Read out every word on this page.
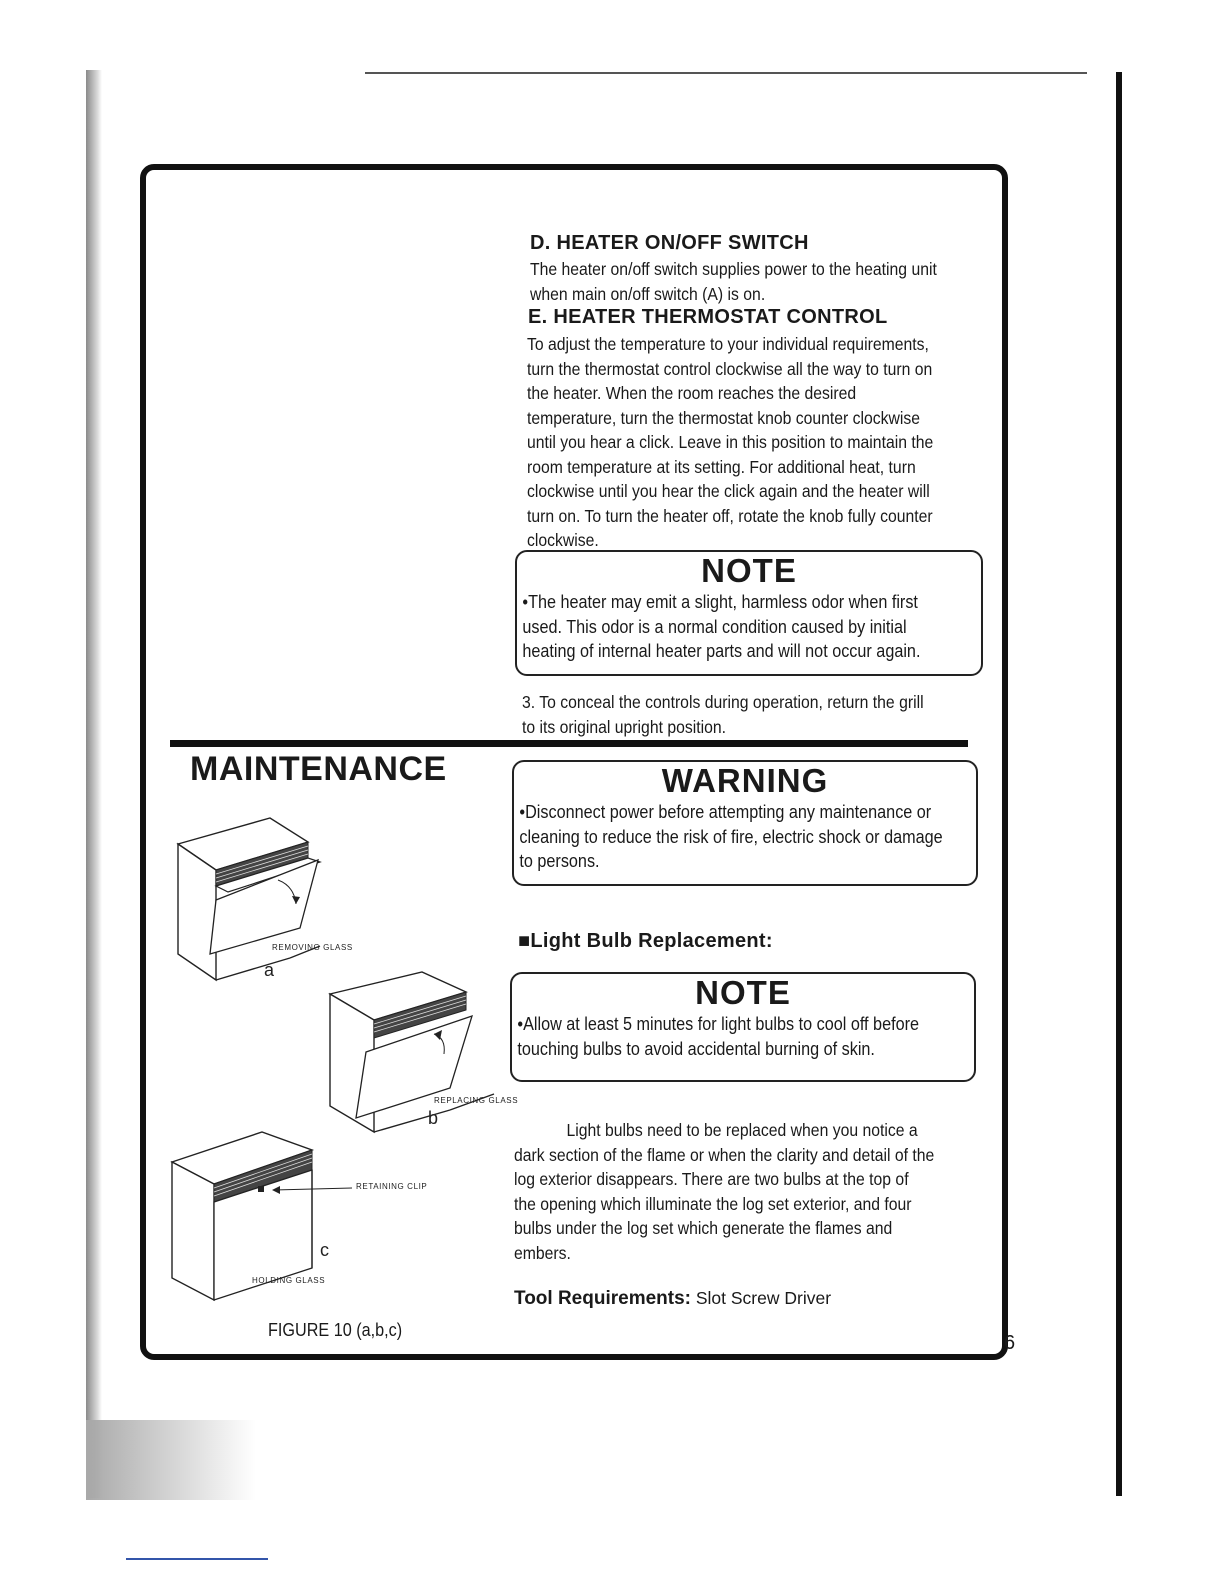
D. HEATER ON/OFF SWITCH

The heater on/off switch supplies power to the heating unit

when main on/off switch (A) is on.

E. HEATER THERMOSTAT CONTROL

To adjust the temperature to your individual requirements,

turn the thermostat control clockwise all the way to turn on

the heater. When the room reaches the desired

temperature, turn the thermostat knob counter clockwise

until you hear a click. Leave in this position to maintain the

room temperature at its setting. For additional heat, turn

clockwise until you hear the click again and the heater will

turn on. To turn the heater off, rotate the knob fully counter

clockwise.

NOTE

•The heater may emit a slight, harmless odor when first

used. This odor is a normal condition caused by initial

heating of internal heater parts and will not occur again.

3. To conceal the controls during operation, return the grill

to its original upright position.

MAINTENANCE	WARNING

•Disconnect power before attempting any maintenance or

cleaning to reduce the risk of fire, electric shock or damage

to persons.

■Light Bulb Replacement:

NOTE

•Allow at least 5 minutes for light bulbs to cool off before

touching bulbs to avoid accidental burning of skin.

Light bulbs need to be replaced when you notice a

dark section of the flame or when the clarity and detail of the

log exterior disappears. There are two bulbs at the top of

the opening which illuminate the log set exterior, and four

bulbs under the log set which generate the flames and

embers.

Tool Requirements: Slot Screw Driver
REMOVING GLASS
a
REPLACING GLASS
b
RETAINING CLIP
HOLDING GLASS
c
FIGURE 10 (a,b,c)
6
